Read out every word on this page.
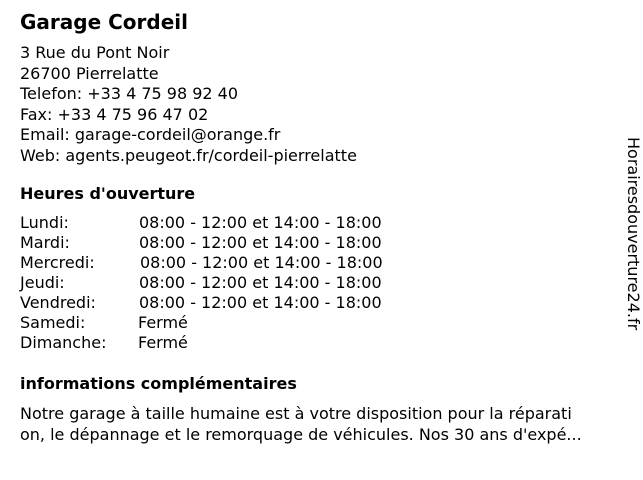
Garage Cordeil
3 Rue du Pont Noir
26700 Pierrelatte
Telefon: +33 4 75 98 92 40
Fax: +33 4 75 96 47 02
Email: garage-cordeil@orange.fr
Web: agents.peugeot.fr/cordeil-pierrelatte
Heures d'ouverture
Lundi:	08:00 - 12:00 et 14:00 - 18:00
Mardi:	08:00 - 12:00 et 14:00 - 18:00
Mercredi:	08:00 - 12:00 et 14:00 - 18:00
Jeudi:	08:00 - 12:00 et 14:00 - 18:00
Vendredi:	08:00 - 12:00 et 14:00 - 18:00
Samedi:	Fermé
Dimanche: Fermé
informations complémentaires
Notre garage à taille humaine est à votre disposition pour la réparati
on, le dépannage et le remorquage de véhicules. Nos 30 ans d'expé...
Horairesdouverture24.fr
